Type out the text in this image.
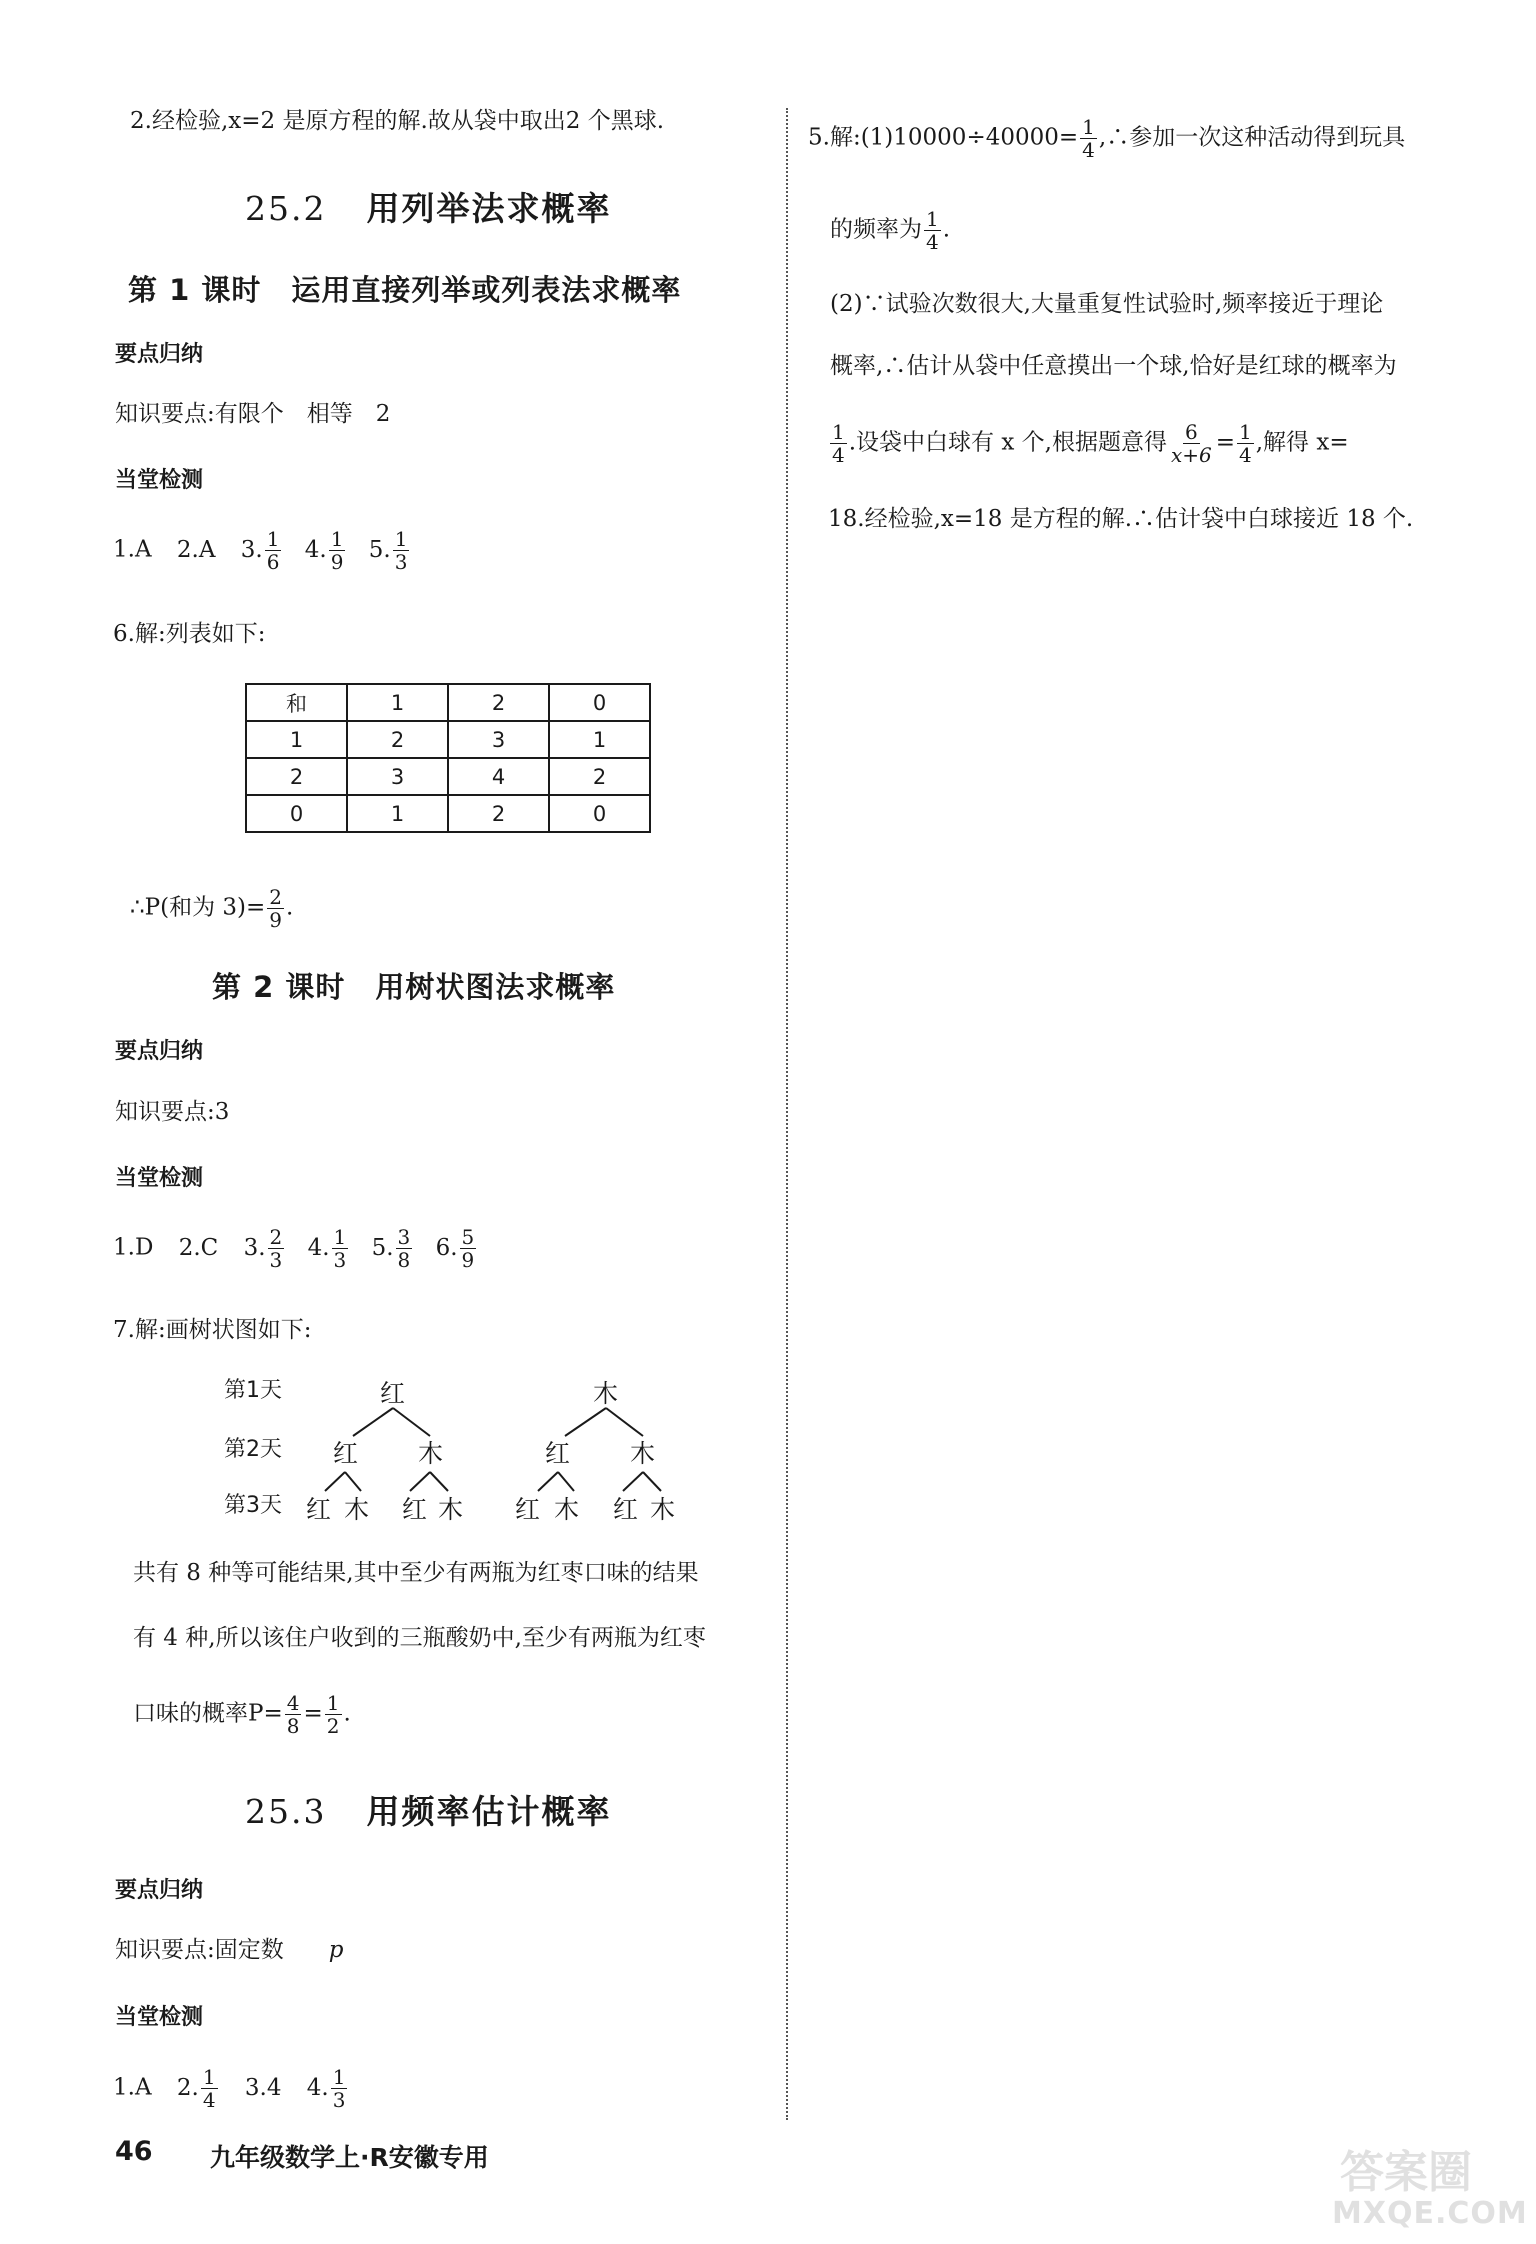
2.经检验,x=2 是原方程的解.故从袋中取出2 个黑球.
25.2 用列举法求概率
第 1 课时　运用直接列举或列表法求概率
要点归纳
知识要点:有限个　相等　2
当堂检测
1.A 2.A 3. $\frac{1}{6} 4$. $\frac{1}{9} 5$. $\frac{1}{3}$
6.解:列表如下:
和	1	2	0
1	2	3	1
2	3	4	2
0	1	2	0
∴P(和为 $3)= \frac{2}{9}$ .
第 2 课时　用树状图法求概率
要点归纳
知识要点:3
当堂检测
1.D 2.C 3. $\frac{2}{3} 4$. $\frac{1}{3} 5$. $\frac{3}{8} 6$. $\frac{5}{9}$
7.解:画树状图如下:
第1天
第2天
第3天
红	木
红 木	红 木
红 木 红 木 红 木 红 木
共有 8 种等可能结果,其中至少有两瓶为红枣口味的结果
有 4 种,所以该住户收到的三瓶酸奶中,至少有两瓶为红枣
口味的概率$P= \frac{4}{8} = \frac{1}{2}$ .
25.3 用频率估计概率
要点归纳
知识要点:固定数　p
当堂检测
1.A 2. $\frac{1}{4} 3.4$ 4. $\frac{1}{3}$
5.解:(1)10000÷40000= $\frac{1}{4}$ ,∴参加一次这种活动得到玩具
的频率为 $\frac{1}{4}$ .
(2)∵试验次数很大,大量重复性试验时,频率接近于理论
概率,∴估计从袋中任意摸出一个球,恰好是红球的概率为
$\frac{1}{4}$ .设袋中白球有 x 个,根据题意得 $\frac{6}{x+6} = \frac{1}{4}$ ,解得 x=
18.经检验,x=18 是方程的解.∴估计袋中白球接近 18 个.
46 九年级数学上·R安徽专用	答案圈
MXQE.COM
